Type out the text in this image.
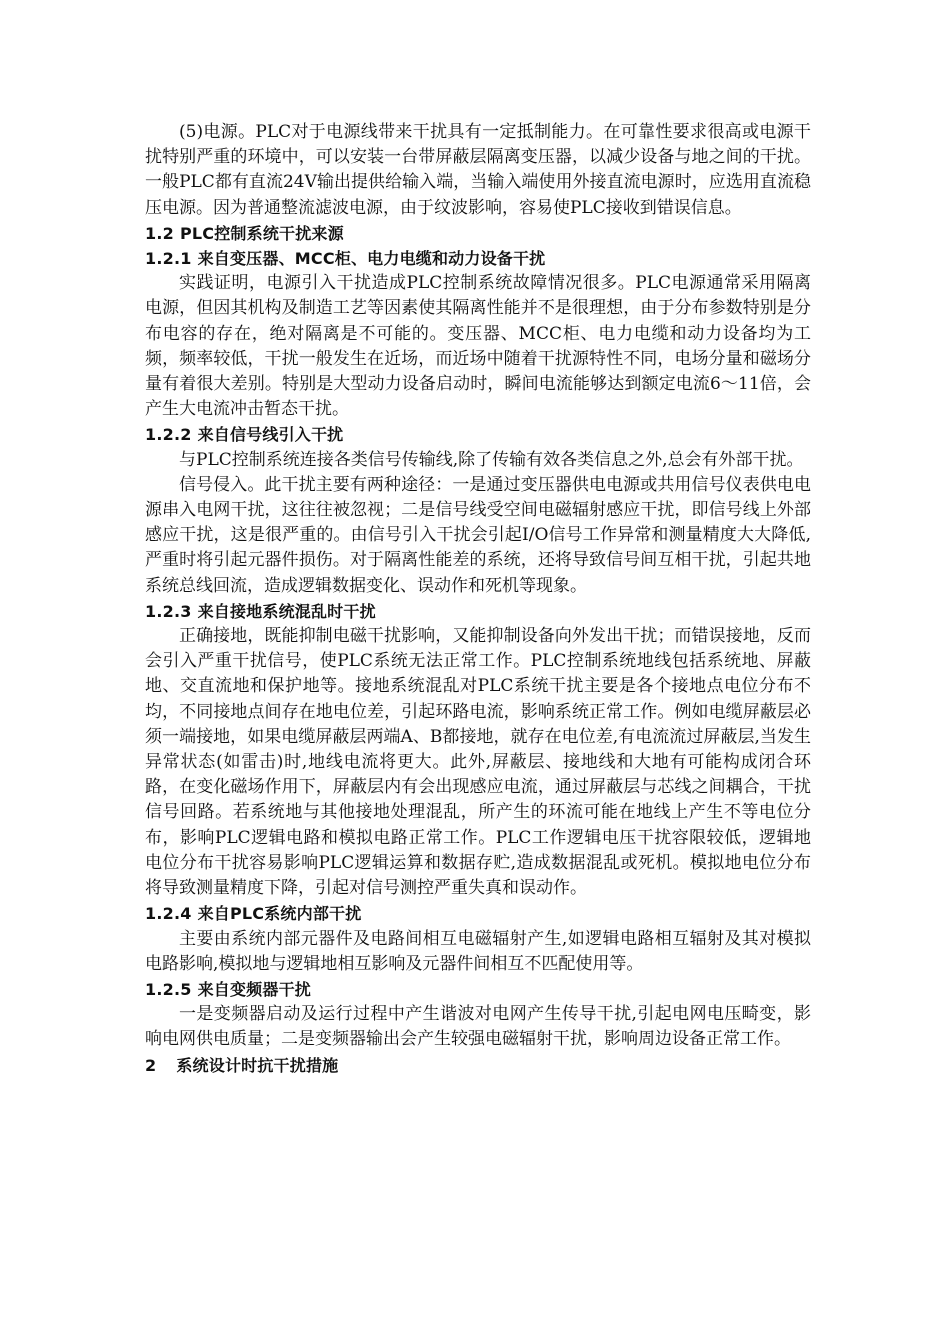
(5)电源。PLC对于电源线带来干扰具有一定抵制能力。在可靠性要求很高或电源干扰特别严重的环境中，可以安装一台带屏蔽层隔离变压器，以减少设备与地之间的干扰。一般PLC都有直流24V输出提供给输入端，当输入端使用外接直流电源时，应选用直流稳压电源。因为普通整流滤波电源，由于纹波影响，容易使PLC接收到错误信息。

1.2 PLC控制系统干扰来源
1.2.1 来自变压器、MCC柜、电力电缆和动力设备干扰

实践证明，电源引入干扰造成PLC控制系统故障情况很多。PLC电源通常采用隔离电源，但因其机构及制造工艺等因素使其隔离性能并不是很理想，由于分布参数特别是分布电容的存在，绝对隔离是不可能的。变压器、MCC柜、电力电缆和动力设备均为工频，频率较低，干扰一般发生在近场，而近场中随着干扰源特性不同，电场分量和磁场分量有着很大差别。特别是大型动力设备启动时，瞬间电流能够达到额定电流6～11倍，会产生大电流冲击暂态干扰。

1.2.2 来自信号线引入干扰

与PLC控制系统连接各类信号传输线,除了传输有效各类信息之外,总会有外部干扰。

信号侵入。此干扰主要有两种途径：一是通过变压器供电电源或共用信号仪表供电电源串入电网干扰，这往往被忽视；二是信号线受空间电磁辐射感应干扰，即信号线上外部感应干扰，这是很严重的。由信号引入干扰会引起I/O信号工作异常和测量精度大大降低,严重时将引起元器件损伤。对于隔离性能差的系统，还将导致信号间互相干扰，引起共地系统总线回流，造成逻辑数据变化、误动作和死机等现象。

1.2.3 来自接地系统混乱时干扰

正确接地，既能抑制电磁干扰影响，又能抑制设备向外发出干扰；而错误接地，反而会引入严重干扰信号，使PLC系统无法正常工作。PLC控制系统地线包括系统地、屏蔽地、交直流地和保护地等。接地系统混乱对PLC系统干扰主要是各个接地点电位分布不均，不同接地点间存在地电位差，引起环路电流，影响系统正常工作。例如电缆屏蔽层必须一端接地，如果电缆屏蔽层两端A、B都接地，就存在电位差,有电流流过屏蔽层,当发生异常状态(如雷击)时,地线电流将更大。此外,屏蔽层、接地线和大地有可能构成闭合环路，在变化磁场作用下，屏蔽层内有会出现感应电流，通过屏蔽层与芯线之间耦合，干扰信号回路。若系统地与其他接地处理混乱，所产生的环流可能在地线上产生不等电位分布，影响PLC逻辑电路和模拟电路正常工作。PLC工作逻辑电压干扰容限较低，逻辑地电位分布干扰容易影响PLC逻辑运算和数据存贮,造成数据混乱或死机。模拟地电位分布将导致测量精度下降，引起对信号测控严重失真和误动作。

1.2.4 来自PLC系统内部干扰

主要由系统内部元器件及电路间相互电磁辐射产生,如逻辑电路相互辐射及其对模拟电路影响,模拟地与逻辑地相互影响及元器件间相互不匹配使用等。

1.2.5 来自变频器干扰

一是变频器启动及运行过程中产生谐波对电网产生传导干扰,引起电网电压畸变，影响电网供电质量；二是变频器输出会产生较强电磁辐射干扰，影响周边设备正常工作。

2 系统设计时抗干扰措施
